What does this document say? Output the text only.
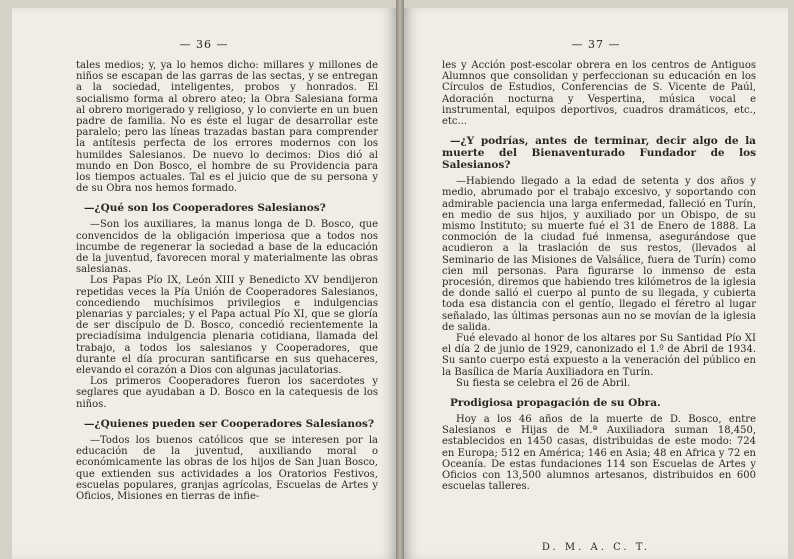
— 36 —

tales medios; y, ya lo hemos dicho: millares y millones de niños se escapan de las garras de las sectas, y se entregan a la sociedad, inteligentes, probos y honrados. El socialismo forma al obrero ateo; la Obra Salesiana forma al obrero morigerado y religioso, y lo convierte en un buen padre de familia. No es éste el lugar de desarrollar este paralelo; pero las líneas trazadas bastan para comprender la antítesis perfecta de los errores modernos con los humildes Salesianos. De nuevo lo decimos: Dios dió al mundo en Don Bosco, el hombre de su Providencia para los tiempos actuales. Tal es el juicio que de su persona y de su Obra nos hemos formado.

—¿Qué son los Cooperadores Salesianos?

—Son los auxiliares, la manus longa de D. Bosco, que convencidos de la obligación imperiosa que a todos nos incumbe de regenerar la sociedad a base de la educación de la juventud, favorecen moral y materialmente las obras salesianas.

Los Papas Pío IX, León XIII y Benedicto XV bendijeron repetidas veces la Pía Unión de Cooperadores Salesianos, concediendo muchísimos privilegios e indulgencias plenarias y parciales; y el Papa actual Pío XI, que se gloría de ser discípulo de D. Bosco, concedió recientemente la preciadísima indulgencia plenaria cotidiana, llamada del trabajo, a todos los salesianos y Cooperadores, que durante el día procuran santificarse en sus quehaceres, elevando el corazón a Dios con algunas jaculatorias.

Los primeros Cooperadores fueron los sacerdotes y seglares que ayudaban a D. Bosco en la catequesis de los niños.

—¿Quienes pueden ser Cooperadores Salesianos?

—Todos los buenos católicos que se interesen por la educación de la juventud, auxiliando moral o económicamente las obras de los hijos de San Juan Bosco, que extienden sus actividades a los Oratorios Festivos, escuelas populares, granjas agrícolas, Escuelas de Artes y Oficios, Misiones en tierras de infie-

— 37 —

les y Acción post-escolar obrera en los centros de Antiguos Alumnos que consolidan y perfeccionan su educación en los Círculos de Estudios, Conferencias de S. Vicente de Paúl, Adoración nocturna y Vespertina, música vocal e instrumental, equipos deportivos, cuadros dramáticos, etc., etc...

—¿Y podrías, antes de terminar, decir algo de la muerte del Bienaventurado Fundador de los Salesianos?

—Habiendo llegado a la edad de setenta y dos años y medio, abrumado por el trabajo excesivo, y soportando con admirable paciencia una larga enfermedad, falleció en Turín, en medio de sus hijos, y auxiliado por un Obispo, de su mismo Instituto; su muerte fué el 31 de Enero de 1888. La conmoción de la ciudad fué inmensa, asegurándose que acudieron a la traslación de sus restos, (llevados al Seminario de las Misiones de Valsálice, fuera de Turín) como cien mil personas. Para figurarse lo inmenso de esta procesión, diremos que habiendo tres kilómetros de la iglesia de donde salió el cuerpo al punto de su llegada, y cubierta toda esa distancia con el gentío, llegado el féretro al lugar señalado, las últimas personas aun no se movían de la iglesia de salida.

Fué elevado al honor de los altares por Su Santidad Pío XI el día 2 de junio de 1929, canonizado el 1.º de Abril de 1934. Su santo cuerpo está expuesto a la veneración del público en la Basílica de María Auxiliadora en Turín.

Su fiesta se celebra el 26 de Abril.

Prodigiosa propagación de su Obra.

Hoy a los 46 años de la muerte de D. Bosco, entre Salesianos e Hijas de M.ª Auxiliadora suman 18,450, establecidos en 1450 casas, distribuidas de este modo: 724 en Europa; 512 en América; 146 en Asia; 48 en Africa y 72 en Oceanía. De estas fundaciones 114 son Escuelas de Artes y Oficios con 13,500 alumnos artesanos, distribuidos en 600 escuelas talleres.

D. M. A. C. T.
